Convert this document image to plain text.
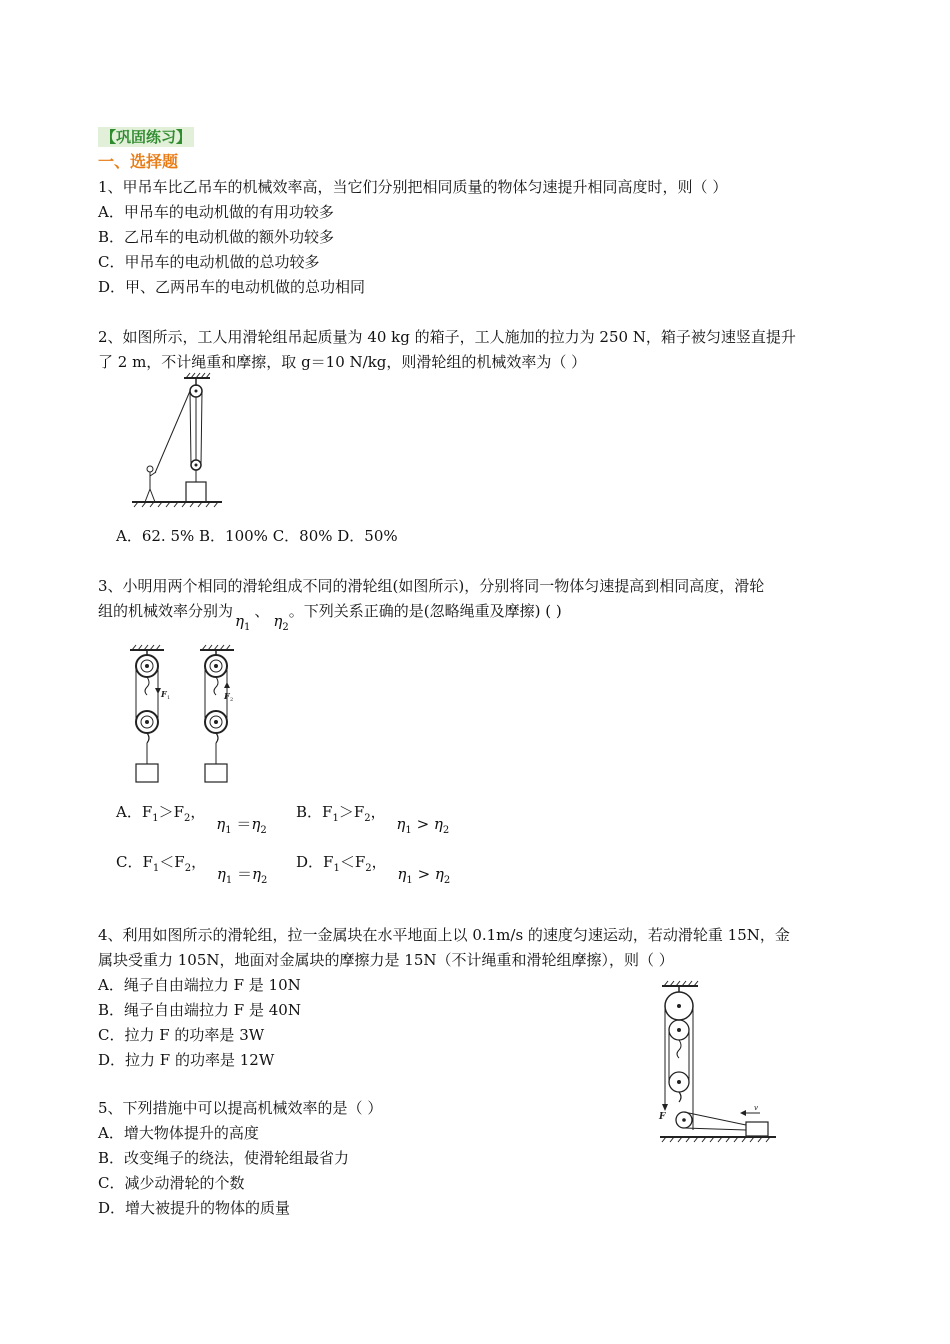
【巩固练习】
一、选择题
1、甲吊车比乙吊车的机械效率高，当它们分别把相同质量的物体匀速提升相同高度时，则（ ）
A．甲吊车的电动机做的有用功较多
B．乙吊车的电动机做的额外功较多
C．甲吊车的电动机做的总功较多
D．甲、乙两吊车的电动机做的总功相同
2、如图所示，工人用滑轮组吊起质量为 40 kg 的箱子，工人施加的拉力为 250 N，箱子被匀速竖直提升
了 2 m，不计绳重和摩擦，取 g＝10 N/kg，则滑轮组的机械效率为（ ）
A．62. 5% B．100% C．80% D．50%
3、小明用两个相同的滑轮组成不同的滑轮组(如图所示)，分别将同一物体匀速提高到相同高度，滑轮
组的机械效率分别为$\eta_1$、$\eta_2$。下列关系正确的是(忽略绳重及摩擦) ( )
F 1	F 2
A．$F_1>F_2$， $\eta_1 =\eta_2$
B．$F_1>F_2$， $\eta_1 > \eta_2$
C．$F_1<F_2$， $\eta_1 =\eta_2$
D．$F_1<F_2$， $\eta_1 > \eta_2$
4、利用如图所示的滑轮组，拉一金属块在水平地面上以 0.1m/s 的速度匀速运动，若动滑轮重 15N，金
属块受重力 105N，地面对金属块的摩擦力是 15N（不计绳重和滑轮组摩擦），则（ ）
A．绳子自由端拉力 F 是 10N
B．绳子自由端拉力 F 是 40N
C．拉力 F 的功率是 3W
D．拉力 F 的功率是 12W
F
v
5、下列措施中可以提高机械效率的是（ ）
A．增大物体提升的高度
B．改变绳子的绕法，使滑轮组最省力
C．减少动滑轮的个数
D．增大被提升的物体的质量
